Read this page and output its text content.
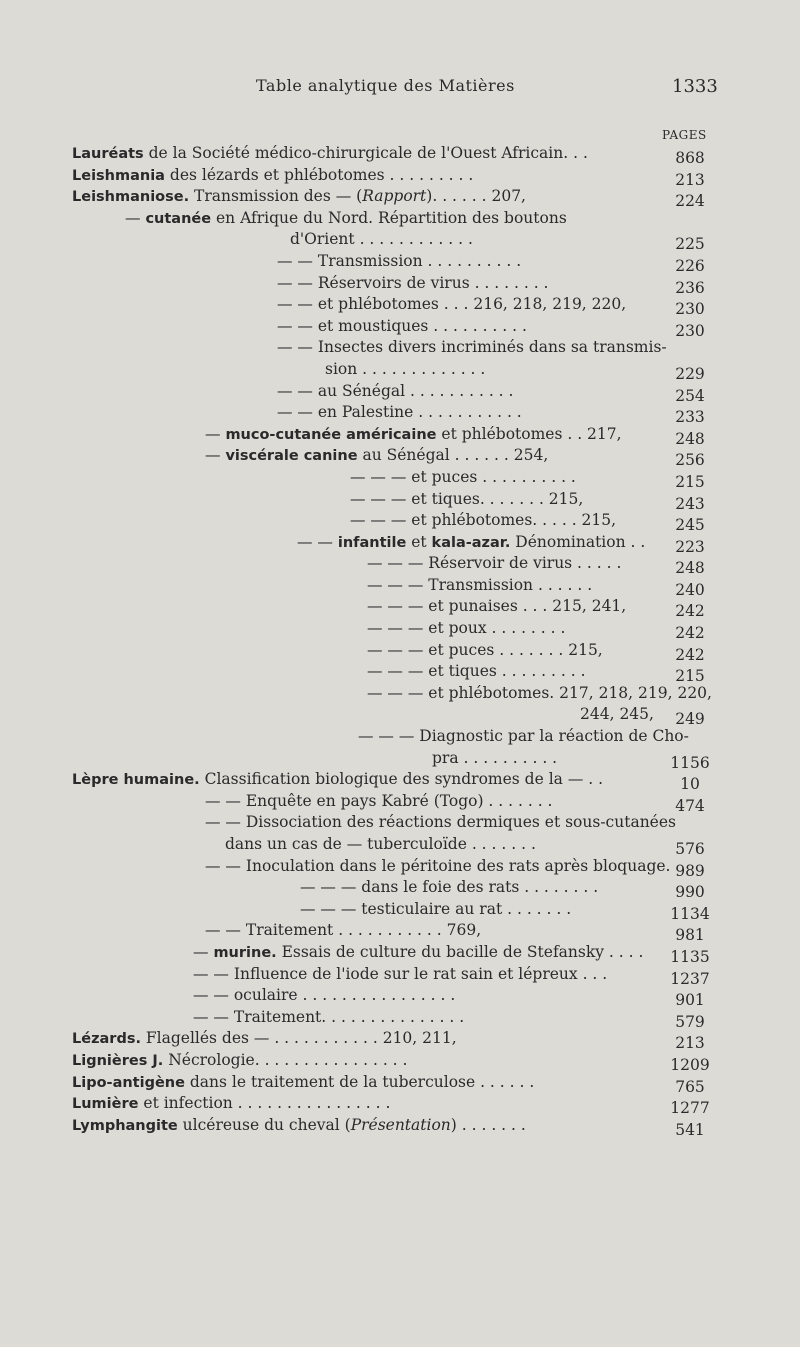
Table analytique des Matières	1333
PAGES
Lauréats de la Société médico-chirurgicale de l'Ouest Africain. . .	868
Leishmania des lézards et phlébotomes . . . . . . . . .	213
Leishmaniose. Transmission des — (Rapport). . . . . . 207,	224
— cutanée en Afrique du Nord. Répartition des boutons
d'Orient . . . . . . . . . . . .	225
— — Transmission . . . . . . . . . .	226
— — Réservoirs de virus . . . . . . . .	236
— — et phlébotomes . . . 216, 218, 219, 220,	230
— — et moustiques . . . . . . . . . .	230
— — Insectes divers incriminés dans sa transmis-
sion . . . . . . . . . . . . .	229
— — au Sénégal . . . . . . . . . . .	254
— — en Palestine . . . . . . . . . . .	233
— muco-cutanée américaine et phlébotomes . . 217,	248
— viscérale canine au Sénégal . . . . . . 254,	256
— — — et puces . . . . . . . . . .	215
— — — et tiques. . . . . . . 215,	243
— — — et phlébotomes. . . . . 215,	245
— — infantile et kala-azar. Dénomination . .	223
— — — Réservoir de virus . . . . .	248
— — — Transmission . . . . . .	240
— — — et punaises . . . 215, 241,	242
— — — et poux . . . . . . . .	242
— — — et puces . . . . . . . 215,	242
— — — et tiques . . . . . . . . .	215
— — — et phlébotomes. 217, 218, 219, 220,
244, 245,	249
— — — Diagnostic par la réaction de Cho-
pra . . . . . . . . . .	1156
Lèpre humaine. Classification biologique des syndromes de la — . .	10
— — Enquête en pays Kabré (Togo) . . . . . . .	474
— — Dissociation des réactions dermiques et sous-cutanées
dans un cas de — tuberculoïde . . . . . . .	576
— — Inoculation dans le péritoine des rats après bloquage. 989
— — — dans le foie des rats . . . . . . . .	990
— — — testiculaire au rat . . . . . . .	1134
— — Traitement . . . . . . . . . . . 769,	981
— murine. Essais de culture du bacille de Stefansky . . . . 1135
— — Influence de l'iode sur le rat sain et lépreux . . .	1237
— — oculaire . . . . . . . . . . . . . . . .	901
— — Traitement. . . . . . . . . . . . . . .	579
Lézards. Flagellés des — . . . . . . . . . . . 210, 211,	213
Lignières J. Nécrologie. . . . . . . . . . . . . . . .	1209
Lipo-antigène dans le traitement de la tuberculose . . . . . .	765
Lumière et infection . . . . . . . . . . . . . . . .	1277
Lymphangite ulcéreuse du cheval (Présentation) . . . . . . .	541
